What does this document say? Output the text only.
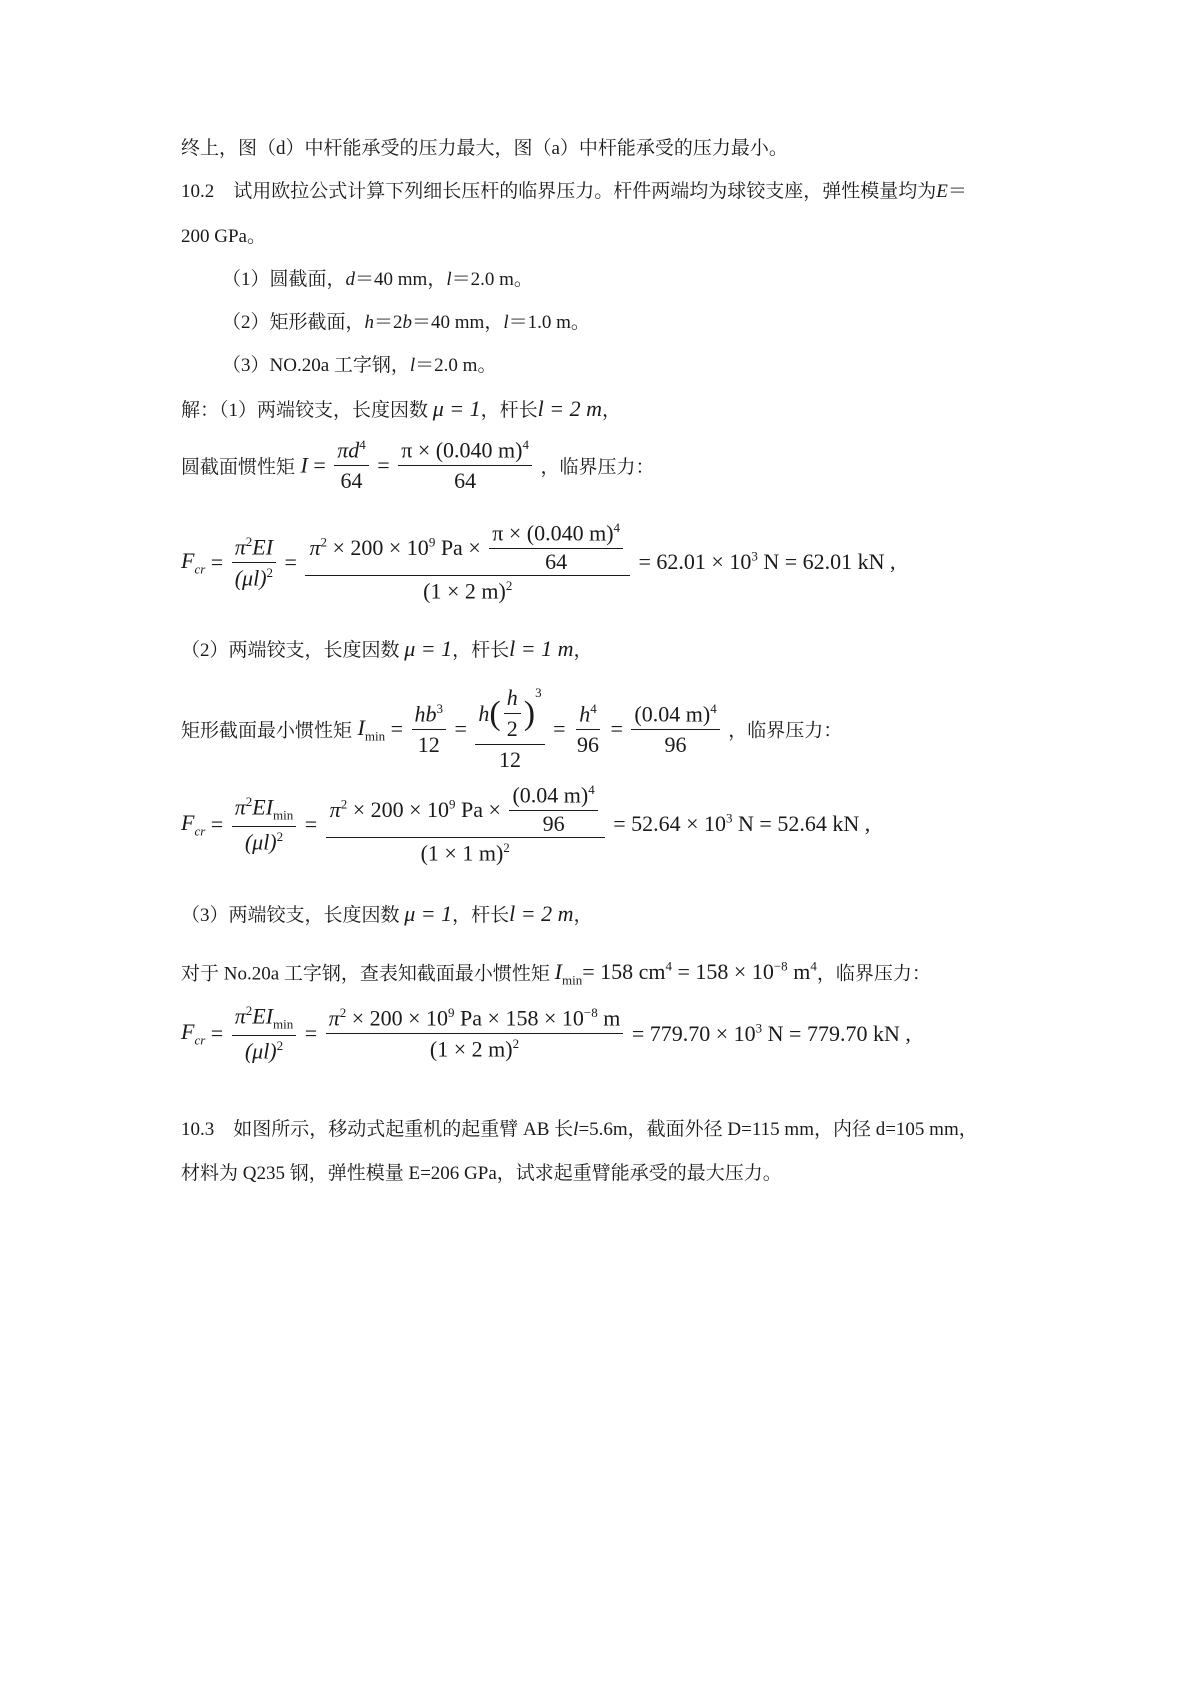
终上，图（d）中杆能承受的压力最大，图（a）中杆能承受的压力最小。
10.2　试用欧拉公式计算下列细长压杆的临界压力。杆件两端均为球铰支座，弹性模量均为E＝
200 GPa。
（1）圆截面，d＝40 mm，l＝2.0 m。
（2）矩形截面，h＝2b＝40 mm，l＝1.0 m。
（3）NO.20a 工字钢，l＝2.0 m。
解：（1）两端铰支，长度因数 μ = 1，杆长l = 2 m，
圆截面惯性矩 $I = \frac{\pi d^4}{64} = \frac{\pi \times (0.040 m)^4}{64}$ ，临界压力：
$F_{cr} = \frac{\pi^2EI}{(\mu l)^2} = \frac{\pi^2 \times 200 \times 10^9 Pa \times \frac{\pi \times (0.040 m)^4}{64}}{(1 \times 2 m)^2} = 62.01 \times 10^3$ N = 62.01 kN ,
（2）两端铰支，长度因数 μ = 1，杆长l = 1 m，
矩形截面最小惯性矩 $I_{min} = \frac{hb^3}{12} = \frac{h( \frac{h}{2} )^3}{12} = \frac{h^4}{96} = \frac{(0.04 m)^4}{96}$ ，临界压力：
$F_{cr} = \frac{\pi^2EI_{min}}{(\mu l)^2} = \frac{\pi^2 \times 200 \times 10^9 Pa \times \frac{(0.04 m)^4}{96}}{(1 \times 1 m)^2} = 52.64 \times 10^3$ N = 52.64 kN ,
（3）两端铰支，长度因数 μ = 1，杆长l = 2 m，
对于 No.20a 工字钢，查表知截面最小惯性矩 $I_{min}= 158$ $cm^4 = 158 \times 10^{-8}$ $m^4$，临界压力：
$F_{cr} = \frac{\pi^2EI_{min}}{(\mu l)^2} = \frac{\pi^2 \times 200 \times 10^9 Pa \times 158 \times 10^{-8} m}{(1 \times 2 m)^2} = 779.70 \times 10^3$ N = 779.70 kN ,
10.3　如图所示，移动式起重机的起重臂 AB 长l=5.6m，截面外径 D=115 mm，内径 d=105 mm，
材料为 Q235 钢，弹性模量 E=206 GPa，试求起重臂能承受的最大压力。
